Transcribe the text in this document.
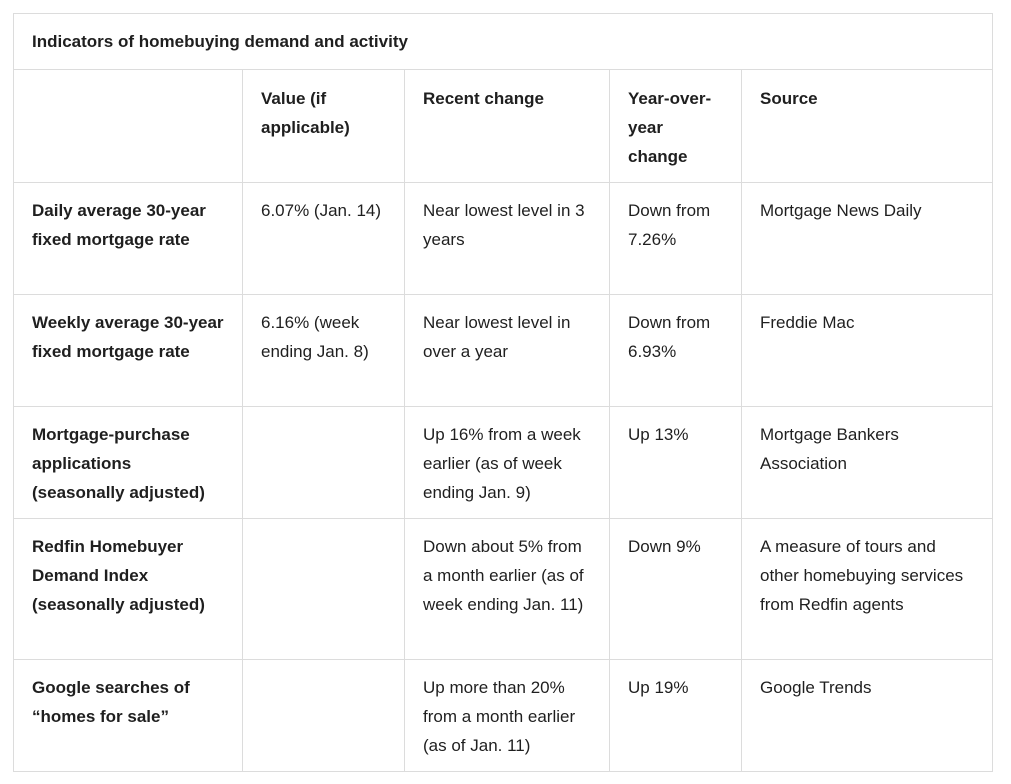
Indicators of homebuying demand and activity				
	Value (if applicable)	Recent change	Year-over-year change	Source
Daily average 30-year fixed mortgage rate	6.07% (Jan. 14)	Near lowest level in 3 years	Down from 7.26%	Mortgage News Daily
Weekly average 30-year fixed mortgage rate	6.16% (week ending Jan. 8)	Near lowest level in over a year	Down from 6.93%	Freddie Mac
Mortgage-purchase applications (seasonally adjusted)		Up 16% from a week earlier (as of week ending Jan. 9)	Up 13%	Mortgage Bankers Association
Redfin Homebuyer Demand Index (seasonally adjusted)		Down about 5% from a month earlier (as of week ending Jan. 11)	Down 9%	A measure of tours and other homebuying services from Redfin agents
Google searches of “homes for sale”		Up more than 20% from a month earlier (as of Jan. 11)	Up 19%	Google Trends
